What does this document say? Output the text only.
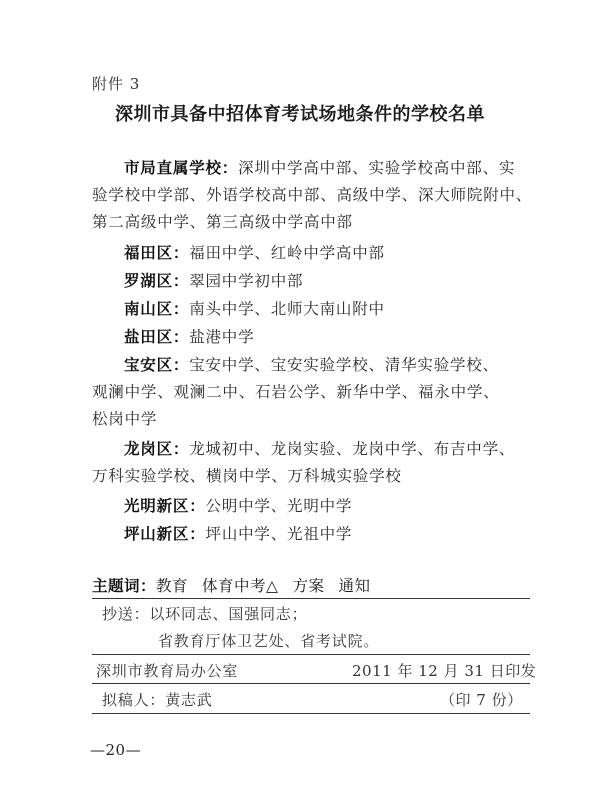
附件 3
深圳市具备中招体育考试场地条件的学校名单
市局直属学校：深圳中学高中部、实验学校高中部、实
验学校中学部、外语学校高中部、高级中学、深大师院附中、
第二高级中学、第三高级中学高中部
福田区：福田中学、红岭中学高中部
罗湖区：翠园中学初中部
南山区：南头中学、北师大南山附中
盐田区：盐港中学
宝安区：宝安中学、宝安实验学校、清华实验学校、
观澜中学、观澜二中、石岩公学、新华中学、福永中学、
松岗中学
龙岗区：龙城初中、龙岗实验、龙岗中学、布吉中学、
万科实验学校、横岗中学、万科城实验学校
光明新区：公明中学、光明中学
坪山新区：坪山中学、光祖中学
主题词：教育 体育中考△ 方案 通知
抄送：以环同志、国强同志；
省教育厅体卫艺处、省考试院。
深圳市教育局办公室	2011 年 12 月 31 日印发
拟稿人：黄志武	（印 7 份）
—20—
